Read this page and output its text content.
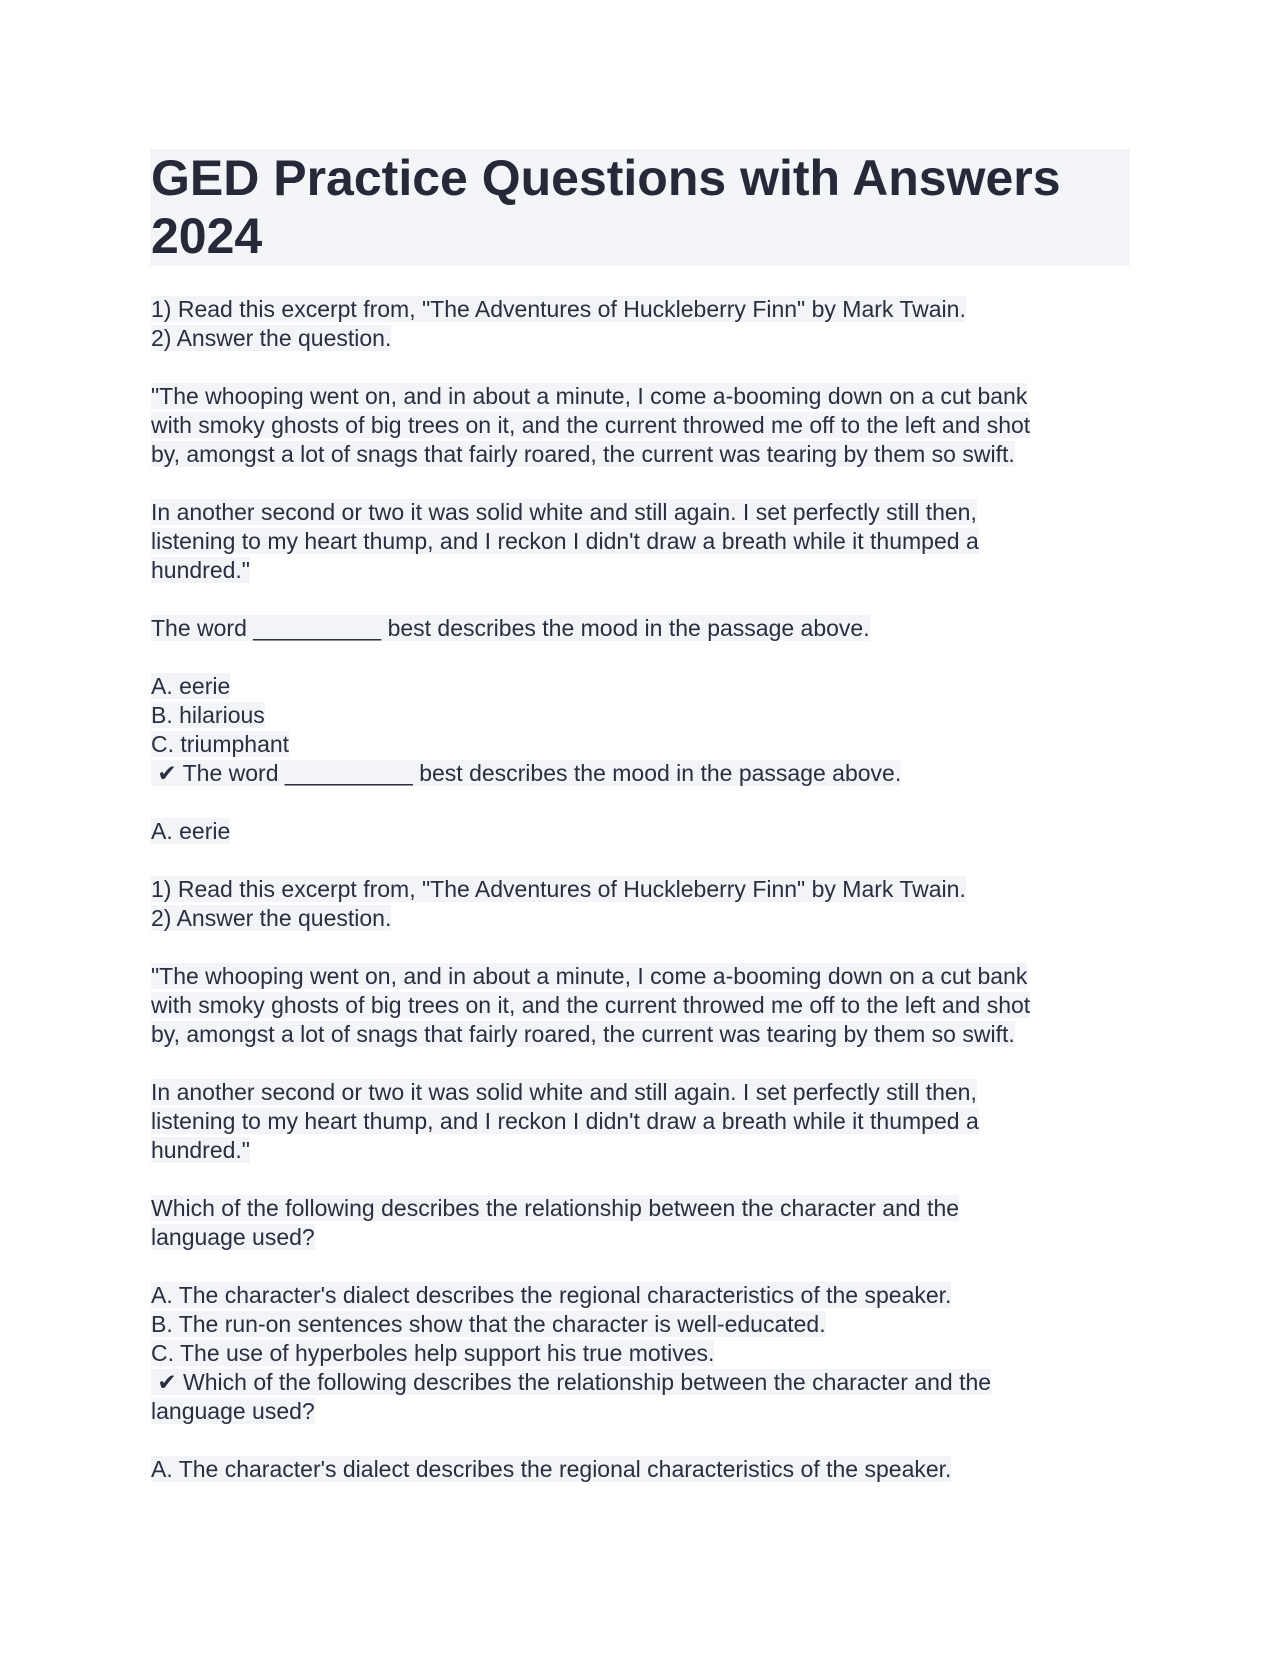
GED Practice Questions with Answers
2024
1) Read this excerpt from, "The Adventures of Huckleberry Finn" by Mark Twain.
2) Answer the question.
"The whooping went on, and in about a minute, I come a-booming down on a cut bank
with smoky ghosts of big trees on it, and the current throwed me off to the left and shot
by, amongst a lot of snags that fairly roared, the current was tearing by them so swift.
In another second or two it was solid white and still again. I set perfectly still then,
listening to my heart thump, and I reckon I didn't draw a breath while it thumped a
hundred."
The word __________ best describes the mood in the passage above.
A. eerie
B. hilarious
C. triumphant
✔ The word __________ best describes the mood in the passage above.
A. eerie
1) Read this excerpt from, "The Adventures of Huckleberry Finn" by Mark Twain.
2) Answer the question.
"The whooping went on, and in about a minute, I come a-booming down on a cut bank
with smoky ghosts of big trees on it, and the current throwed me off to the left and shot
by, amongst a lot of snags that fairly roared, the current was tearing by them so swift.
In another second or two it was solid white and still again. I set perfectly still then,
listening to my heart thump, and I reckon I didn't draw a breath while it thumped a
hundred."
Which of the following describes the relationship between the character and the
language used?
A. The character's dialect describes the regional characteristics of the speaker.
B. The run-on sentences show that the character is well-educated.
C. The use of hyperboles help support his true motives.
✔ Which of the following describes the relationship between the character and the
language used?
A. The character's dialect describes the regional characteristics of the speaker.
